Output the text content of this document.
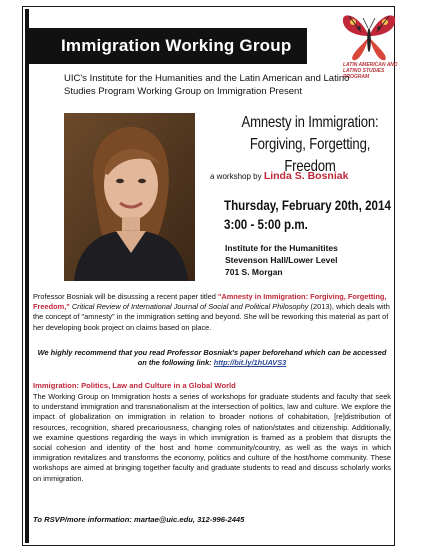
Immigration Working Group
LATIN AMERICAN AND LATINO STUDIES PROGRAM
UIC's Institute for the Humanities and the Latin American and Latino Studies Program Working Group on Immigration Present
Amnesty in Immigration:
Forgiving, Forgetting, Freedom
a workshop by Linda S. Bosniak
Thursday, February 20th, 2014
3:00 - 5:00 p.m.
Institute for the Humanitites
Stevenson Hall/Lower Level
701 S. Morgan
Professor Bosniak will be disussing a recent paper titled "Amnesty in Immigration: Forgiving, Forgetting, Freedom," Critical Review of International Journal of Social and Political Philosophy (2013), which deals with the concept of "amnesty" in the immigration setting and beyond. She will be reworking this material as part of her developing book project on claims based on place.
We highly recommend that you read Professor Bosniak's paper beforehand which can be accessed on the following link: http://bit.ly/1hUAVS3
Immigration: Politics, Law and Culture in a Global World
The Working Group on Immigration hosts a series of workshops for graduate students and faculty that seek to understand immigration and transnationalism at the intersection of politics, law and culture. We explore the impact of globalization on immigration in relation to broader notions of cohabitation, [re]distribution of resources, recognition, shared precariousness, changing roles of nation/states and citizenship. Additionally, we examine questions regarding the ways in which immigration is framed as a problem that disrupts the social cohesion and identity of the host and home community/country, as well as the ways in which immigration revitalizes and transforms the economy, politics and culture of the host/home community. These workshops are aimed at bringing together faculty and graduate students to read and discuss scholarly works on immigration.
To RSVP/more information: martae@uic.edu, 312-996-2445
